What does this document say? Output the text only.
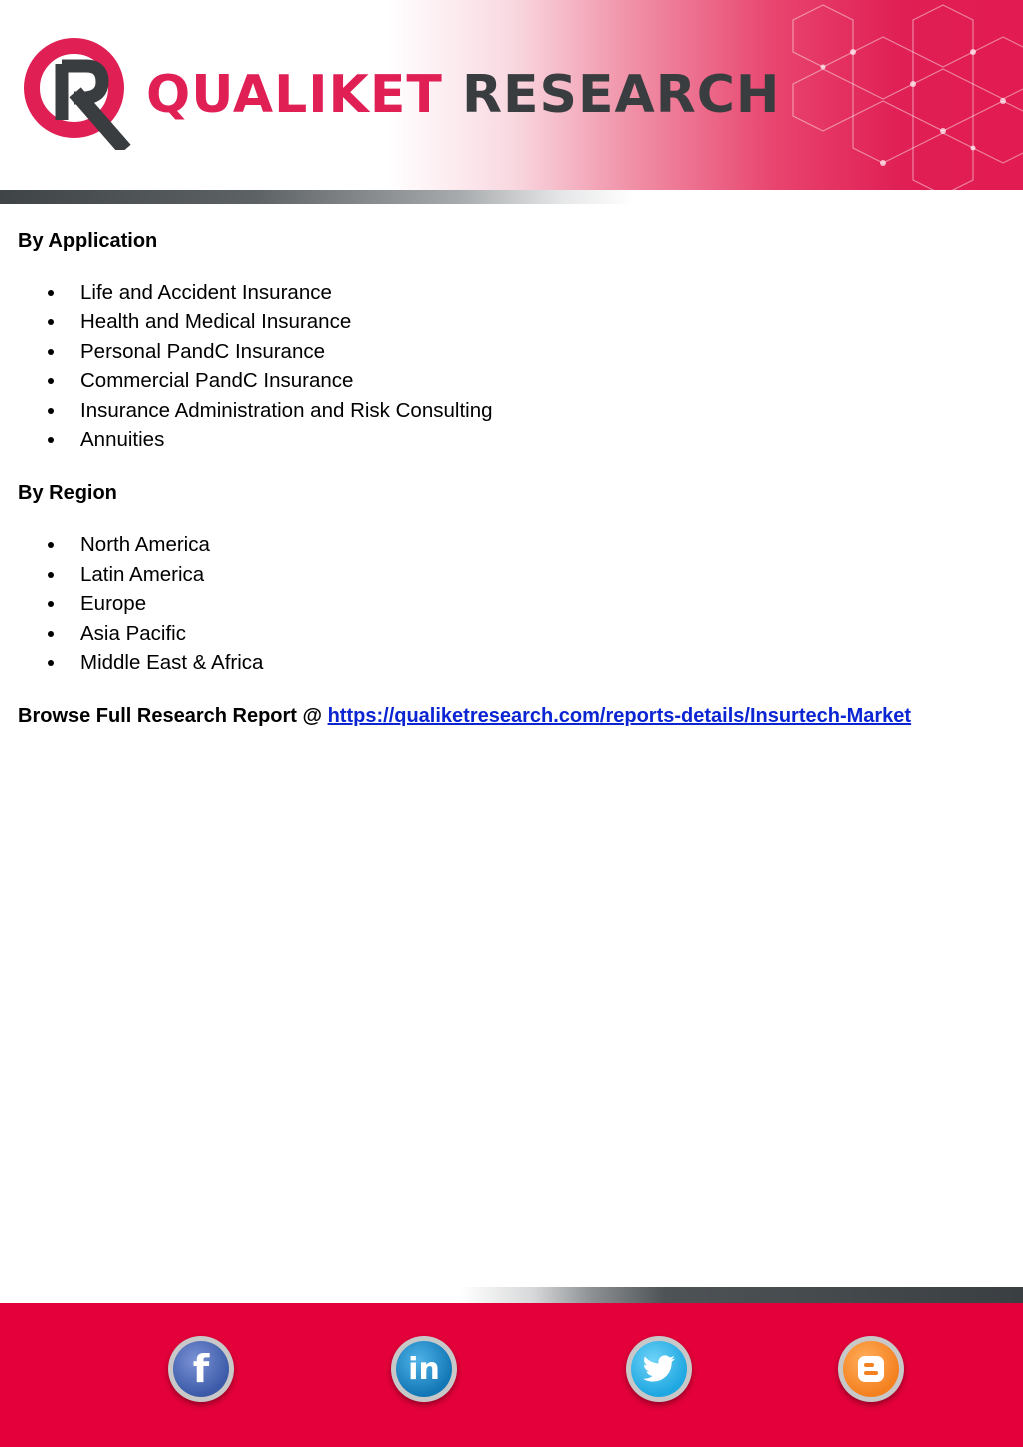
QUALIKET RESEARCH

By Application

Life and Accident Insurance
Health and Medical Insurance
Personal PandC Insurance
Commercial PandC Insurance
Insurance Administration and Risk Consulting
Annuities

By Region

North America
Latin America
Europe
Asia Pacific
Middle East & Africa

Browse Full Research Report @ https://qualiketresearch.com/reports-details/Insurtech-Market

f	in
